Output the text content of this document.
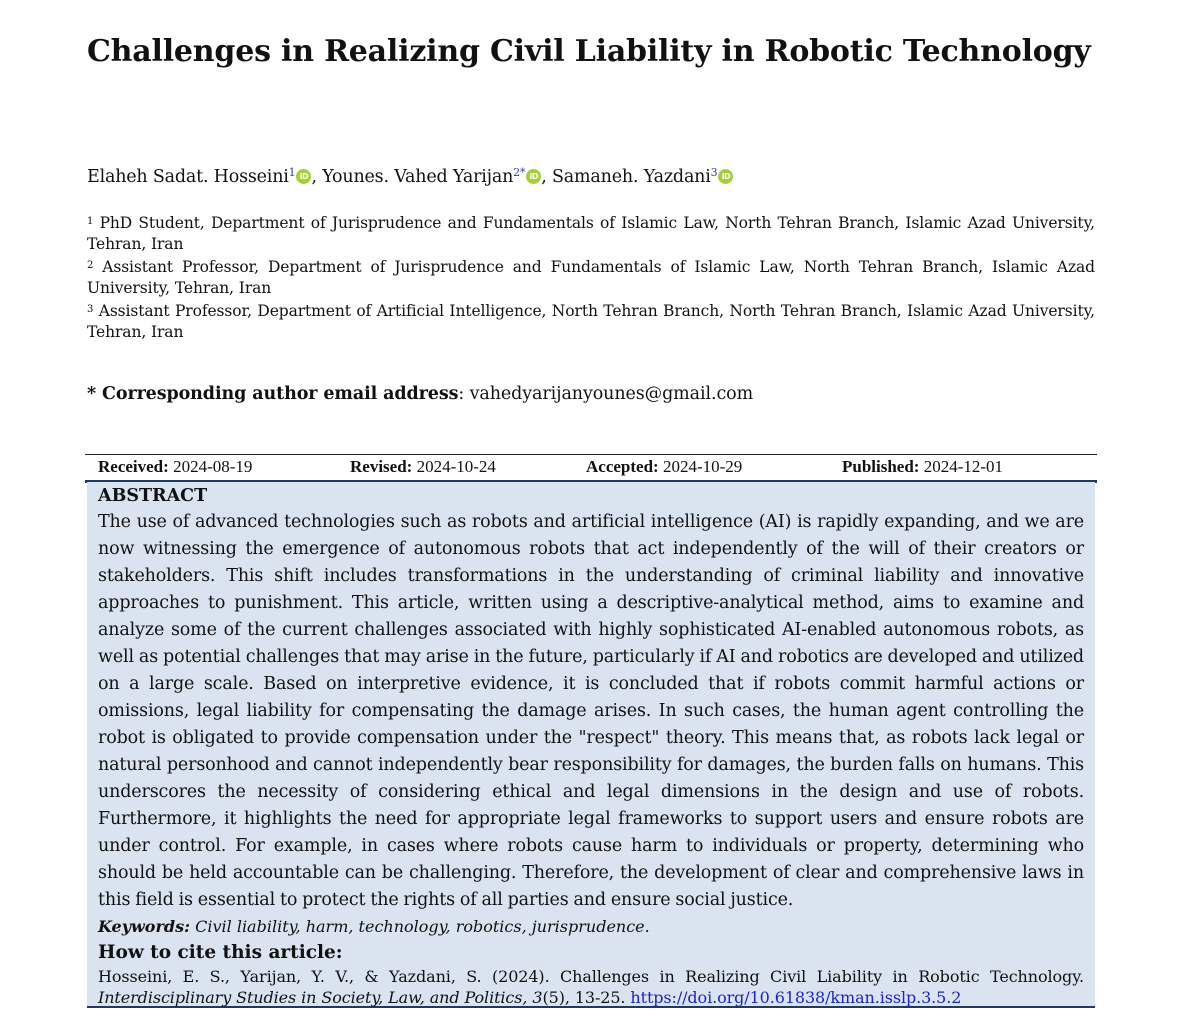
Challenges in Realizing Civil Liability in Robotic Technology
Elaheh Sadat. Hosseini$^1$ iD , Younes. Vahed Yarijan$^{2*}$ iD , Samaneh. Yazdani$^3$ iD

$^1$ PhD Student, Department of Jurisprudence and Fundamentals of Islamic Law, North Tehran Branch, Islamic Azad University, Tehran, Iran

$^2$ Assistant Professor, Department of Jurisprudence and Fundamentals of Islamic Law, North Tehran Branch, Islamic Azad University, Tehran, Iran

$^3$ Assistant Professor, Department of Artificial Intelligence, North Tehran Branch, North Tehran Branch, Islamic Azad University, Tehran, Iran

* Corresponding author email address: vahedyarijanyounes@gmail.com
Received: 2024-08-19	Revised: 2024-10-24	Accepted: 2024-10-29	Published: 2024-12-01

ABSTRACT

The use of advanced technologies such as robots and artificial intelligence (AI) is rapidly expanding, and we are now witnessing the emergence of autonomous robots that act independently of the will of their creators or stakeholders. This shift includes transformations in the understanding of criminal liability and innovative approaches to punishment. This article, written using a descriptive-analytical method, aims to examine and analyze some of the current challenges associated with highly sophisticated AI-enabled autonomous robots, as well as potential challenges that may arise in the future, particularly if AI and robotics are developed and utilized on a large scale. Based on interpretive evidence, it is concluded that if robots commit harmful actions or omissions, legal liability for compensating the damage arises. In such cases, the human agent controlling the robot is obligated to provide compensation under the "respect" theory. This means that, as robots lack legal or natural personhood and cannot independently bear responsibility for damages, the burden falls on humans. This underscores the necessity of considering ethical and legal dimensions in the design and use of robots. Furthermore, it highlights the need for appropriate legal frameworks to support users and ensure robots are under control. For example, in cases where robots cause harm to individuals or property, determining who should be held accountable can be challenging. Therefore, the development of clear and comprehensive laws in this field is essential to protect the rights of all parties and ensure social justice.

Keywords: Civil liability, harm, technology, robotics, jurisprudence.

How to cite this article:

Hosseini, E. S., Yarijan, Y. V., & Yazdani, S. (2024). Challenges in Realizing Civil Liability in Robotic Technology. Interdisciplinary Studies in Society, Law, and Politics, 3(5), 13-25. https://doi.org/10.61838/kman.isslp.3.5.2
